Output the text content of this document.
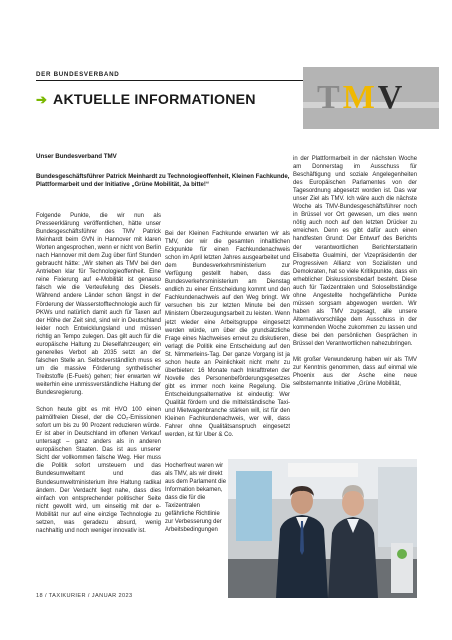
DER BUNDESVERBAND
➔ AKTUELLE INFORMATIONEN TMV
Unser Bundesverband TMV
Bundesgeschäftsführer Patrick Meinhardt zu Technologieoffenheit, Kleinen Fachkunde, Plattformarbeit und der Initiative „Grüne Mobilität, Ja bitte!“

Folgende Punkte, die wir nun als Presseerklärung veröffentlichen, hätte unser Bundesgeschäftsführer des TMV Patrick Meinhardt beim GVN in Hannover mit klaren Worten angesprochen, wenn er nicht von Berlin nach Hannover mit dem Zug über fünf Stunden gebraucht hätte: „Wir stehen als TMV bei den Antrieben klar für Technologieoffenheit. Eine reine Fixierung auf e-Mobilität ist genauso falsch wie die Verteufelung des Diesels. Während andere Länder schon längst in der Förderung der Wasserstofftechnologie auch für PKWs und natürlich damit auch für Taxen auf der Höhe der Zeit sind, sind wir in Deutschland leider noch Entwicklungsland und müssen richtig an Tempo zulegen. Das gilt auch für die europäische Haltung zu Dieselfahrzeugen; ein generelles Verbot ab 2035 setzt an der falschen Stelle an. Selbstverständlich muss es um die massive Förderung synthetischer Treibstoffe (E-Fuels) gehen; hier erwarten wir weiterhin eine unmissverständliche Haltung der Bundesregierung.

Schon heute gibt es mit HVO 100 einen palmölfreien Diesel, der die CO₂-Emissionen sofort um bis zu 90 Prozent reduzieren würde. Er ist aber in Deutschland im offenen Verkauf untersagt – ganz anders als in anderen europäischen Staaten. Das ist aus unserer Sicht der vollkommen falsche Weg. Hier muss die Politik sofort umsteuern und das Bundesumweltamt und das Bundesumweltministerium ihre Haltung radikal ändern. Der Verdacht liegt nahe, dass dies einfach von entsprechender politischer Seite nicht gewollt wird, um einseitig mit der e-Mobilität nur auf eine einzige Technologie zu setzen, was geradezu absurd, wenig nachhaltig und noch weniger innovativ ist.

Bei der Kleinen Fachkunde erwarten wir als TMV, der wir die gesamten inhaltlichen Eckpunkte für einen Fachkundenachweis schon im April letzten Jahres ausgearbeitet und dem Bundesverkehrsministerium zur Verfügung gestellt haben, dass das Bundesverkehrsministerium am Dienstag endlich zu einer Entscheidung kommt und den Fachkundenachweis auf den Weg bringt. Wir versuchen bis zur letzten Minute bei den Ministern Überzeugungsarbeit zu leisten. Wenn jetzt wieder eine Arbeitsgruppe eingesetzt werden würde, um über die grundsätzliche Frage eines Nachweises erneut zu diskutieren, verlagt die Politik eine Entscheidung auf den St. Nimmerleins-Tag. Der ganze Vorgang ist ja schon heute an Peinlichkeit nicht mehr zu überbieten: 16 Monate nach Inkrafttreten der Novelle des Personenbeförderungsgesetzes gibt es immer noch keine Regelung. Die Entscheidungsalternative ist eindeutig: Wer Qualität fördern und die mittelständische Taxi- und Mietwagenbranche stärken will, ist für den Kleinen Fachkundenachweis, wer will, dass Fahrer ohne Qualitätsanspruch eingesetzt werden, ist für Uber & Co.

Hocherfreut waren wir als TMV, als wir direkt aus dem Parlament die Information bekamen, dass die für die Taxizentralen gefährliche Richtlinie zur Verbesserung der Arbeitsbedingungen

in der Plattformarbeit in der nächsten Woche am Donnerstag im Ausschuss für Beschäftigung und soziale Angelegenheiten des Europäischen Parlamentes von der Tagesordnung abgesetzt worden ist. Das war unser Ziel als TMV. Ich wäre auch die nächste Woche als TMV-Bundesgeschäftsführer noch in Brüssel vor Ort gewesen, um dies wenn nötig auch noch auf den letzten Drücker zu erreichen. Denn es gibt dafür auch einen handfesten Grund: Der Entwurf des Berichts der verantwortlichen Berichterstatterin Elisabetta Gualmini, der Vizepräsidentin der Progressiven Allianz von Sozialisten und Demokraten, hat so viele Kritikpunkte, dass ein erheblicher Diskussionsbedarf besteht. Diese auch für Taxizentralen und Soloselbständige ohne Angestellte hochgefährliche Punkte müssen sorgsam abgewogen werden. Wir haben als TMV zugesagt, alle unsere Alternativvorschläge dem Ausschuss in der kommenden Woche zukommen zu lassen und diese bei den persönlichen Gesprächen in Brüssel den Verantwortlichen nahezubringen.

Mit großer Verwunderung haben wir als TMV zur Kenntnis genommen, dass auf einmal wie Phoenix aus der Asche eine neue selbsternannte Initiative „Grüne Mobilität,

18 / TAXIKURIER / JANUAR 2023
